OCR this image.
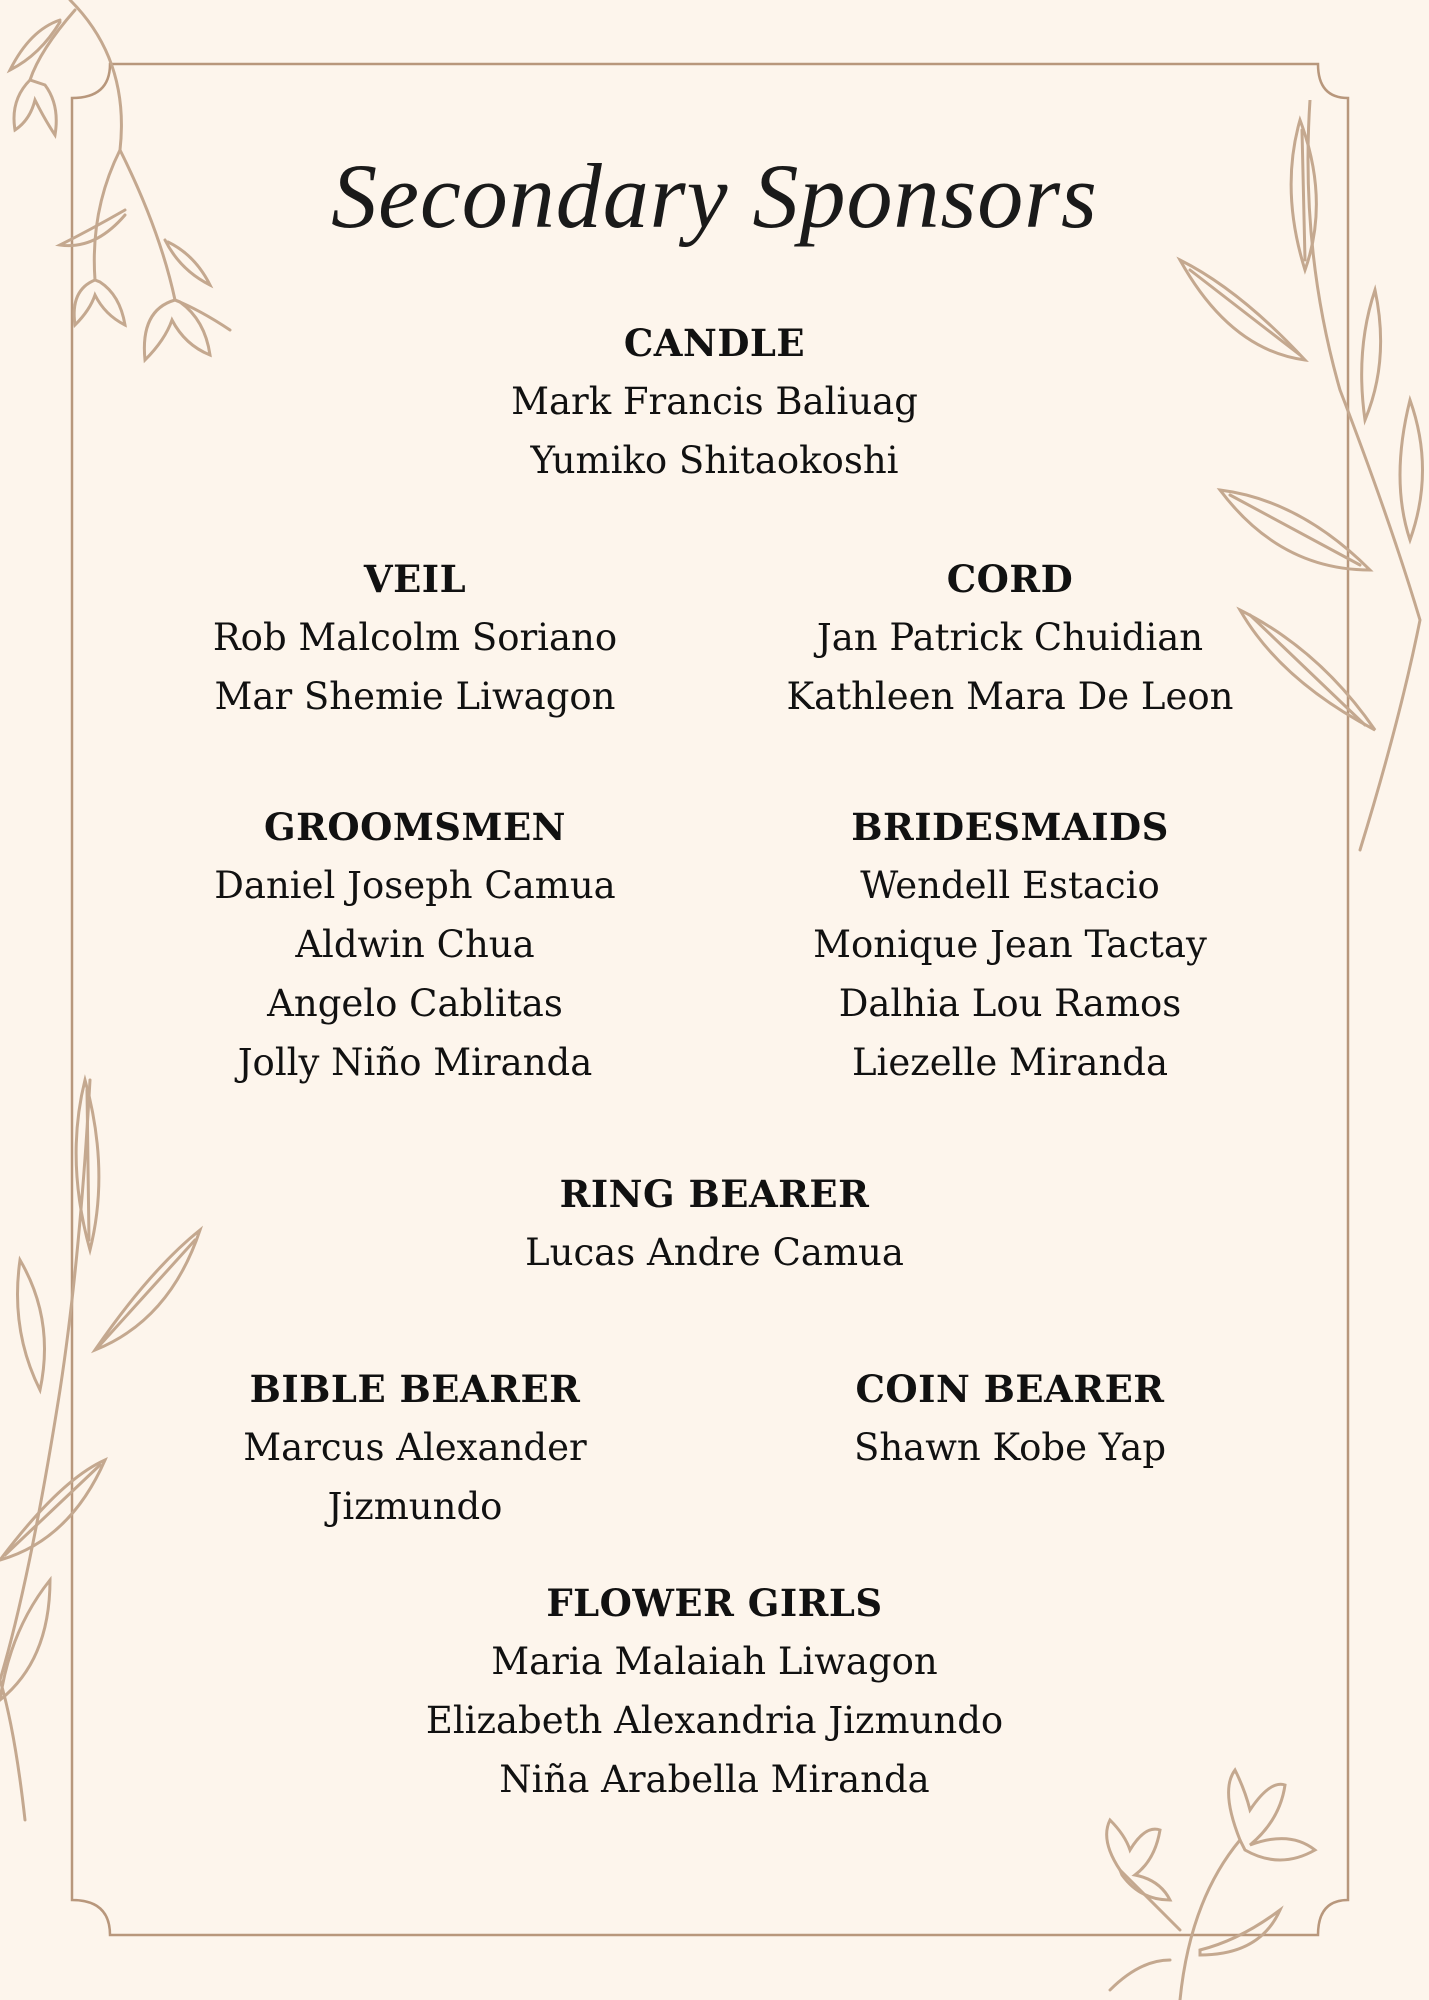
Secondary Sponsors
CANDLE
Mark Francis Baliuag
Yumiko Shitaokoshi
VEIL
Rob Malcolm Soriano
Mar Shemie Liwagon
CORD
Jan Patrick Chuidian
Kathleen Mara De Leon
GROOMSMEN
Daniel Joseph Camua
Aldwin Chua
Angelo Cablitas
Jolly Niño Miranda
BRIDESMAIDS
Wendell Estacio
Monique Jean Tactay
Dalhia Lou Ramos
Liezelle Miranda
RING BEARER
Lucas Andre Camua
BIBLE BEARER
Marcus Alexander Jizmundo
COIN BEARER
Shawn Kobe Yap
FLOWER GIRLS
Maria Malaiah Liwagon
Elizabeth Alexandria Jizmundo
Niña Arabella Miranda
